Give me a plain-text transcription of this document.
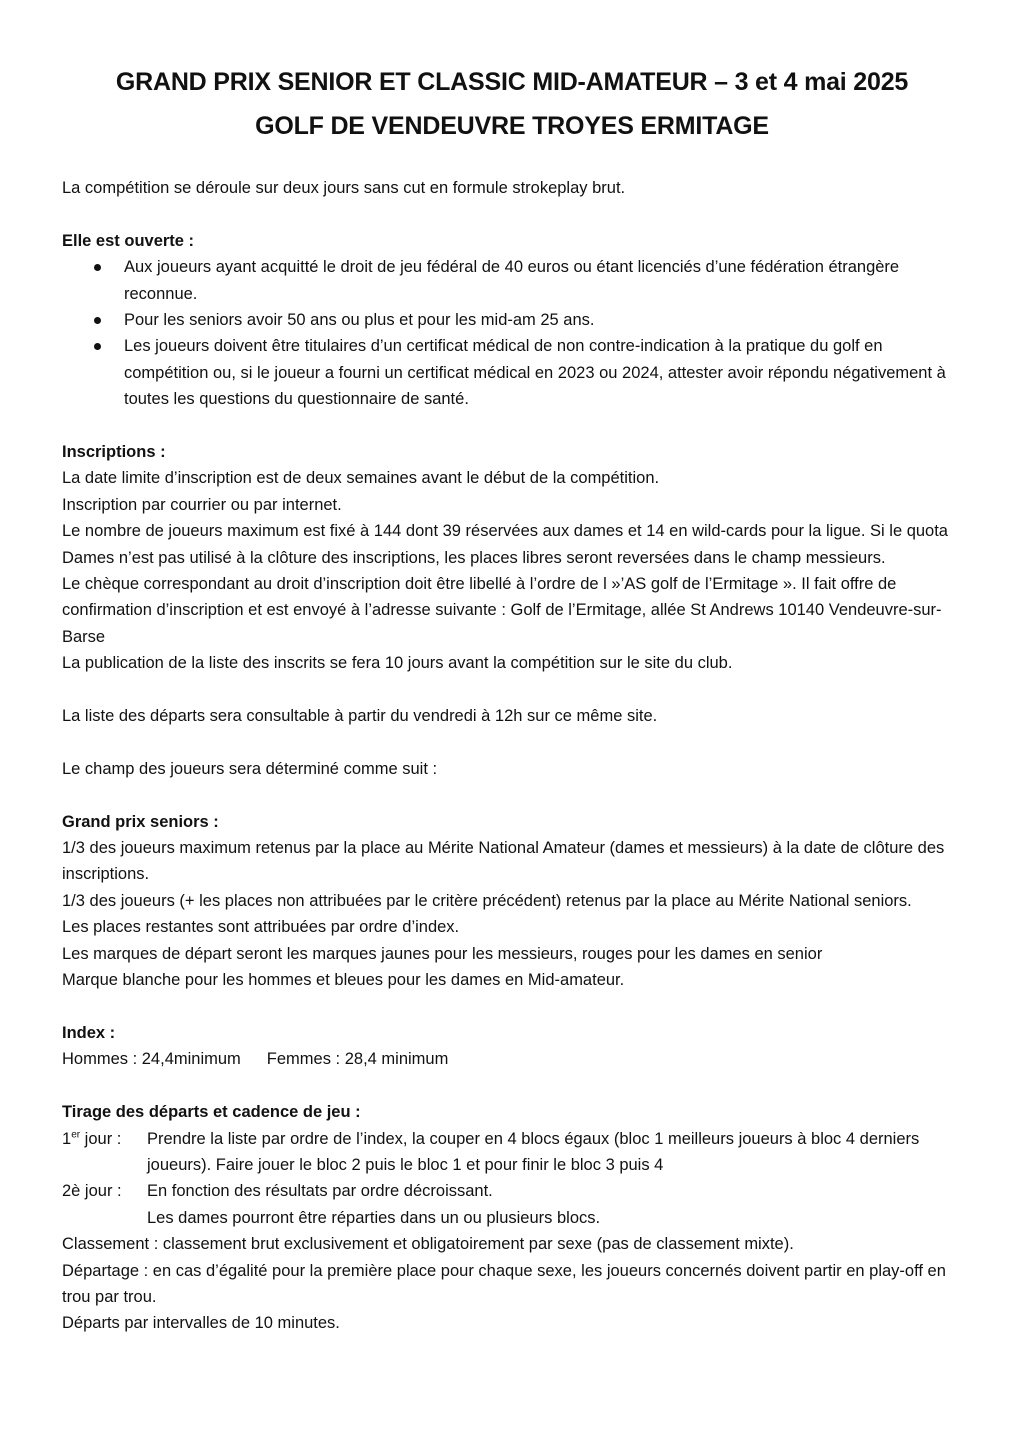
GRAND PRIX SENIOR ET CLASSIC MID-AMATEUR – 3 et 4 mai 2025
GOLF DE VENDEUVRE TROYES ERMITAGE

La compétition se déroule sur deux jours sans cut en formule strokeplay brut.

Elle est ouverte :

Aux joueurs ayant acquitté le droit de jeu fédéral de 40 euros ou étant licenciés d’une fédération étrangère reconnue.
Pour les seniors avoir 50 ans ou plus et pour les mid-am 25 ans.
Les joueurs doivent être titulaires d’un certificat médical de non contre-indication à la pratique du golf en compétition ou, si le joueur a fourni un certificat médical en 2023 ou 2024, attester avoir répondu négativement à toutes les questions du questionnaire de santé.

Inscriptions :

La date limite d’inscription est de deux semaines avant le début de la compétition.

Inscription par courrier ou par internet.

Le nombre de joueurs maximum est fixé à 144 dont 39 réservées aux dames et 14 en wild-cards pour la ligue. Si le quota Dames n’est pas utilisé à la clôture des inscriptions, les places libres seront reversées dans le champ messieurs.

Le chèque correspondant au droit d’inscription doit être libellé à l’ordre de l »’AS golf de l’Ermitage ». Il fait offre de confirmation d’inscription et est envoyé à l’adresse suivante : Golf de l’Ermitage, allée St Andrews 10140 Vendeuvre-sur-Barse

La publication de la liste des inscrits se fera 10 jours avant la compétition sur le site du club.

La liste des départs sera consultable à partir du vendredi à 12h sur ce même site.

Le champ des joueurs sera déterminé comme suit :

Grand prix seniors :

1/3 des joueurs maximum retenus par la place au Mérite National Amateur (dames et messieurs) à la date de clôture des inscriptions.

1/3 des joueurs (+ les places non attribuées par le critère précédent) retenus par la place au Mérite National seniors.

Les places restantes sont attribuées par ordre d’index.

Les marques de départ seront les marques jaunes pour les messieurs, rouges pour les dames en senior

Marque blanche pour les hommes et bleues pour les dames en Mid-amateur.

Index :

Hommes : 24,4minimum Femmes : 28,4 minimum

Tirage des départs et cadence de jeu :

1er jour :	Prendre la liste par ordre de l’index, la couper en 4 blocs égaux (bloc 1 meilleurs joueurs à bloc 4 derniers joueurs). Faire jouer le bloc 2 puis le bloc 1 et pour finir le bloc 3 puis 4
2è jour :	En fonction des résultats par ordre décroissant.

Les dames pourront être réparties dans un ou plusieurs blocs.

Classement : classement brut exclusivement et obligatoirement par sexe (pas de classement mixte).

Départage : en cas d’égalité pour la première place pour chaque sexe, les joueurs concernés doivent partir en play-off en trou par trou.

Départs par intervalles de 10 minutes.
